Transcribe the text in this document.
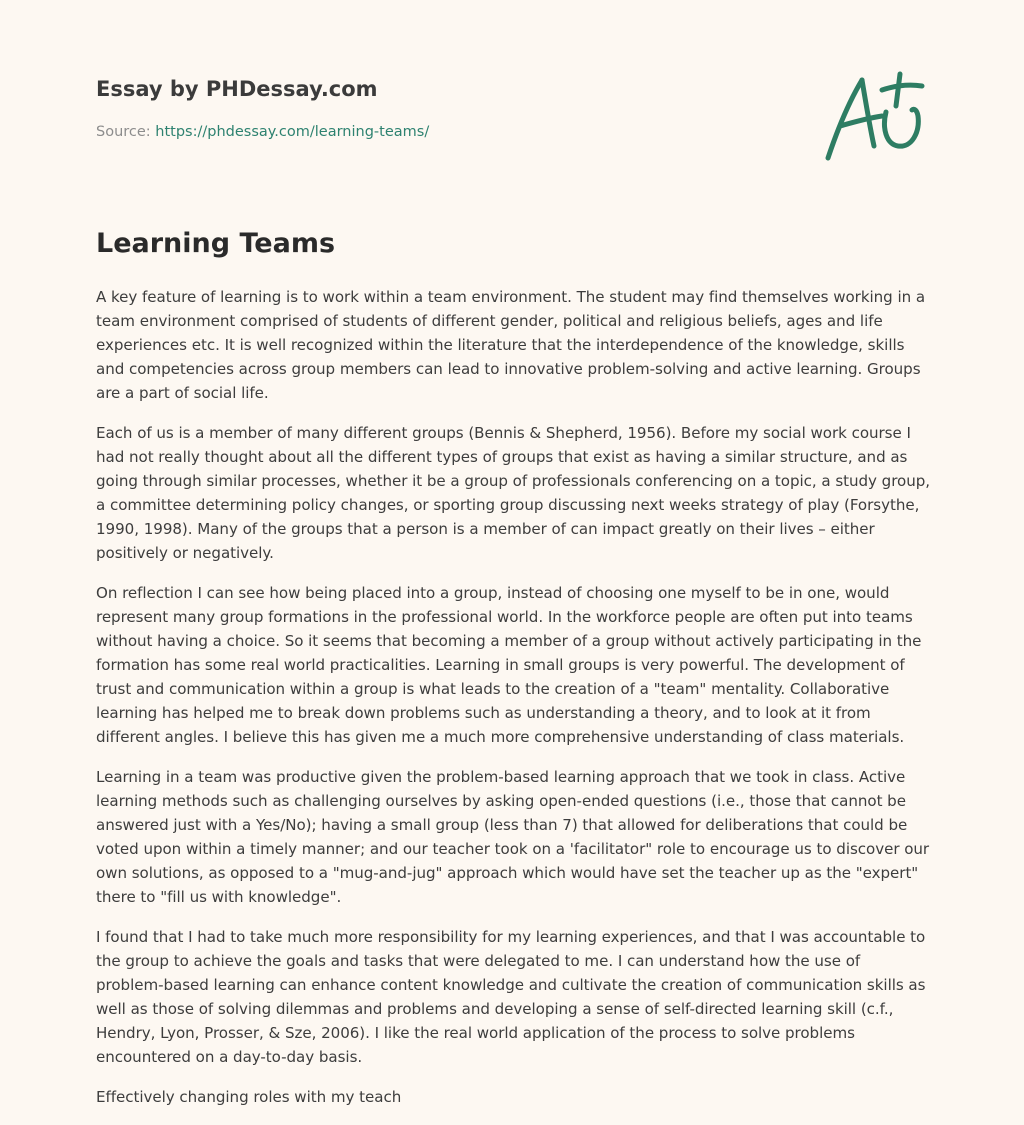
Essay by PHDessay.com
Source: https://phdessay.com/learning-teams/
Learning Teams

A key feature of learning is to work within a team environment. The student may find themselves working in a team environment comprised of students of different gender, political and religious beliefs, ages and life experiences etc. It is well recognized within the literature that the interdependence of the knowledge, skills and competencies across group members can lead to innovative problem-solving and active learning. Groups are a part of social life.

Each of us is a member of many different groups (Bennis & Shepherd, 1956). Before my social work course I had not really thought about all the different types of groups that exist as having a similar structure, and as going through similar processes, whether it be a group of professionals conferencing on a topic, a study group, a committee determining policy changes, or sporting group discussing next weeks strategy of play (Forsythe, 1990, 1998). Many of the groups that a person is a member of can impact greatly on their lives – either positively or negatively.

On reflection I can see how being placed into a group, instead of choosing one myself to be in one, would represent many group formations in the professional world. In the workforce people are often put into teams without having a choice. So it seems that becoming a member of a group without actively participating in the formation has some real world practicalities. Learning in small groups is very powerful. The development of trust and communication within a group is what leads to the creation of a "team" mentality. Collaborative learning has helped me to break down problems such as understanding a theory, and to look at it from different angles. I believe this has given me a much more comprehensive understanding of class materials.

Learning in a team was productive given the problem-based learning approach that we took in class. Active learning methods such as challenging ourselves by asking open-ended questions (i.e., those that cannot be answered just with a Yes/No); having a small group (less than 7) that allowed for deliberations that could be voted upon within a timely manner; and our teacher took on a 'facilitator" role to encourage us to discover our own solutions, as opposed to a "mug-and-jug" approach which would have set the teacher up as the "expert" there to "fill us with knowledge".

I found that I had to take much more responsibility for my learning experiences, and that I was accountable to the group to achieve the goals and tasks that were delegated to me. I can understand how the use of problem-based learning can enhance content knowledge and cultivate the creation of communication skills as well as those of solving dilemmas and problems and developing a sense of self-directed learning skill (c.f., Hendry, Lyon, Prosser, & Sze, 2006). I like the real world application of the process to solve problems encountered on a day-to-day basis.

Effectively changing roles with my teach
